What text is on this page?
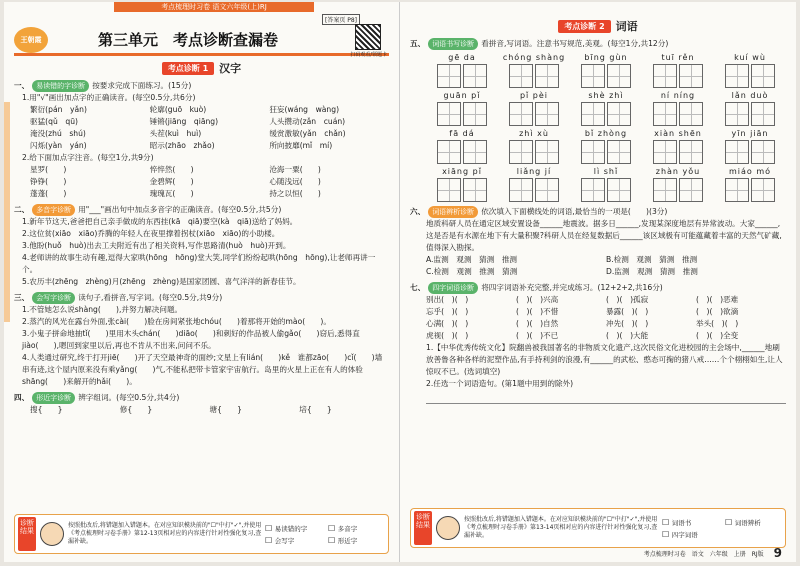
考点梳理时习卷 语文六年级(上)RJ
[答案页 P8]
王朝霞	第三单元　考点诊断查漏卷
扫码观看/领题卡
考点诊断 1	汉字
一、	易读错的字诊断 按要求完成下面练习。(15分)
1.用"√"画出加点字的正确读音。(每空0.5分,共6分)
繁衍(pán　yǎn)	轮廓(guō　kuò)	狂妄(wáng　wàng)
驱猛(qǔ　qū)	锤锵(jiāng　qiāng)	人头攒动(zǎn　cuán)
淹没(zhú　shú)	头茬(kuì　huì)	缓赏激敏(yǎn　chǎn)
闪烁(yàn　yán)	昭示(zhāo　zhǎo)	所向披靡(mǐ　mí)
2.给下面加点字注音。(每空1分,共9分)
星罗(　　)	悴悴然(　　)	沧海一粟(　　)
铮铮(　　)	金碧辉(　　)	心随浅远(　　)
蓬蓬(　　)	瑰瑰瓦(　　)	持之以恒(　　)
二、	多音字诊断 用"___"画出句中加点多音字的正确读音。(每空0.5分,共5分)
1.新年节这天,爸爸把自己亲手做成的东西挂(kā　qiā)要空(kà　qiā)送给了妈妈。
2.这位贫(xiāo　xiāo)乔腾的年轻人在夜里撑着拐杖(xiāo　xiāo)的小助楼。
3.他盼(huǒ　huò)出去工夫附近有出了相关资料,写作思路清(huò　huò)开到。
4.老师讲的故事生动有趣,逗得大家哄(hōng　hōng)堂大笑,同学们纷纷起哄(hōng　hōng),让老师再讲一个。
5.农历丰(zhēng　zhèng)月(zhēng　zhèng)是国家团圆、喜气洋洋的新春佳节。
三、	会写字诊断 读句子,看拼音,写字词。(每空0.5分,共9分)
1.不管她怎么说shàng(　　),并努力解决问题。
2.蒸汽的风光在露台外面,张cài(　　)脸在房间紧张地chóu(　　)着那将开始的mào(　　)。
3.小鬼子拼命地抽tǐ(　　)里用木头chán(　　)diāo(　　)和刺好的作品被人偷gǎo(　　)窃后,悉得直jiào(　　),嗯回到家里以后,再也不肯从不出来,问问不乐。
4.人类通过研究,终于打开jiē(　　)开了天空最神奇的面纱;文星上有lián(　　)kě　谁都zāo(　　)cǐ(　　)墙串有迹,这个屋内原来没有乘yǎng(　　)气,不能私把带卡管家宇宙航行。岛里的火星上正在有人的体验shāng(　　)来解开的hǎi(　　)。
四、	形近字诊断 辨字组词。(每空0.5分,共4分)
搜{　　}	修{　　}	塘{　　}	培{　　}
诊断结果
按照批改后,将错题加入错题本。在对应知识模块前的"☐"中打"✓",并使用《考点梳理时习卷手册》第12-13页相对应的内容进行针对性强化复习,查漏补缺。
☐ 易读错的字	☐ 多音字
☐ 会写字	☐ 形近字
考点诊断 2	词语
五、	词语书写诊断 看拼音,写词语。注意书写规范,美观。(每空1分,共12分)
gē da	chóng shàng	bīng gùn	tuī rěn	kuí wù
guān pǐ	pǐ pèi	shè zhì	ní níng	lǎn duò
fā dá	zhì xù	bǐ zhòng	xiàn shēn	yīn jiān
xiāng pǐ	liǎng jí	lì shǐ	zhàn yǒu	miáo mó
六、	词语辨析诊断 依次填入下面横线处的词语,最恰当的一项是(　　)(3分)
地质科研人员在通定区域安置设备______地震波。据多日______,发现某深度地层有异常波动。大家______,这是否是有水源在地下有大量积聚?科研人员在经复数据后______该区域极有可能蕴藏着丰富的天然气矿藏,值得深入勘探。
A.监测　观测　猜测　推测	B.检测　观测　猜测　推测
C.检测　观测　推测　猜测	D.监测　观测　猜测　推测
七、	四字词语诊断 将四字词语补充完整,并完成练习。(12+2+2,共16分)
别出(　)(　)	(　)(　)兴高	(　)(　)孤寂	(　)(　)恶难
忘乎(　)(　)	(　)(　)不惜	暴露(　)(　)	(　)(　)欲滴
心满(　)(　)	(　)(　)自然	冲先(　)(　)	举头(　)(　)
虎视(　)(　)	(　)(　)不已	(　)(　)大能	(　)(　)全变
1.【中华优秀传统文化】院翻兽被我国著名的非物质文化遗产,这次民俗文化进校园的主会场中,______地刷放善鲁各种各样的泥塑作品,有手持利剑的浪漫,有______的武松、憨态可掬的猪八戒……个个栩栩如生,让人惊叹不已。(选词填空)
2.任选一个词语造句。(第1题中用到的除外)
诊断结果
按照批改后,将错题加入错题本。在对应知识模块前的"☐"中打"✓",并使用《考点梳理时习卷手册》第13-14页相对应的内容进行针对性强化复习,查漏补缺。
☐ 词语书	☐ 词语辨析
☐ 四字词语
考点梳理时习卷　语文　六年级　上册　RJ版 9
